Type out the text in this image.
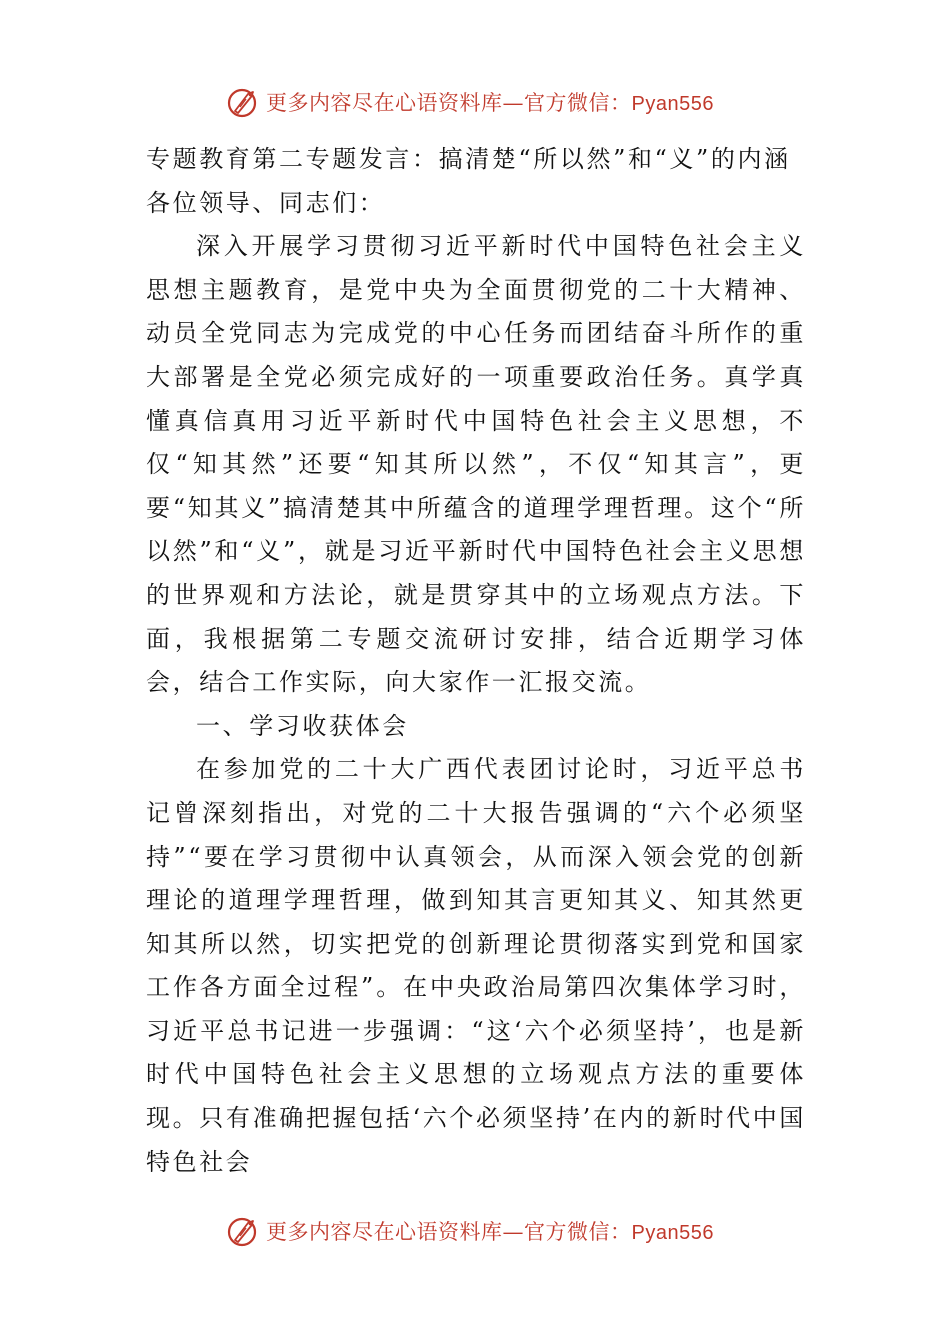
更多内容尽在心语资料库—官方微信：Pyan556

专题教育第二专题发言：搞清楚“所以然”和“义”的内涵

各位领导、同志们：

深入开展学习贯彻习近平新时代中国特色社会主义思想主题教育，是党中央为全面贯彻党的二十大精神、动员全党同志为完成党的中心任务而团结奋斗所作的重大部署是全党必须完成好的一项重要政治任务。真学真懂真信真用习近平新时代中国特色社会主义思想，不仅“知其然”还要“知其所以然”，不仅“知其言”，更要“知其义”搞清楚其中所蕴含的道理学理哲理。这个“所以然”和“义”，就是习近平新时代中国特色社会主义思想的世界观和方法论，就是贯穿其中的立场观点方法。下面，我根据第二专题交流研讨安排，结合近期学习体会，结合工作实际，向大家作一汇报交流。

一、学习收获体会

在参加党的二十大广西代表团讨论时，习近平总书记曾深刻指出，对党的二十大报告强调的“六个必须坚持”“要在学习贯彻中认真领会，从而深入领会党的创新理论的道理学理哲理，做到知其言更知其义、知其然更知其所以然，切实把党的创新理论贯彻落实到党和国家工作各方面全过程”。在中央政治局第四次集体学习时，习近平总书记进一步强调：“这‘六个必须坚持’，也是新时代中国特色社会主义思想的立场观点方法的重要体现。只有准确把握包括‘六个必须坚持’在内的新时代中国特色社会

更多内容尽在心语资料库—官方微信：Pyan556
